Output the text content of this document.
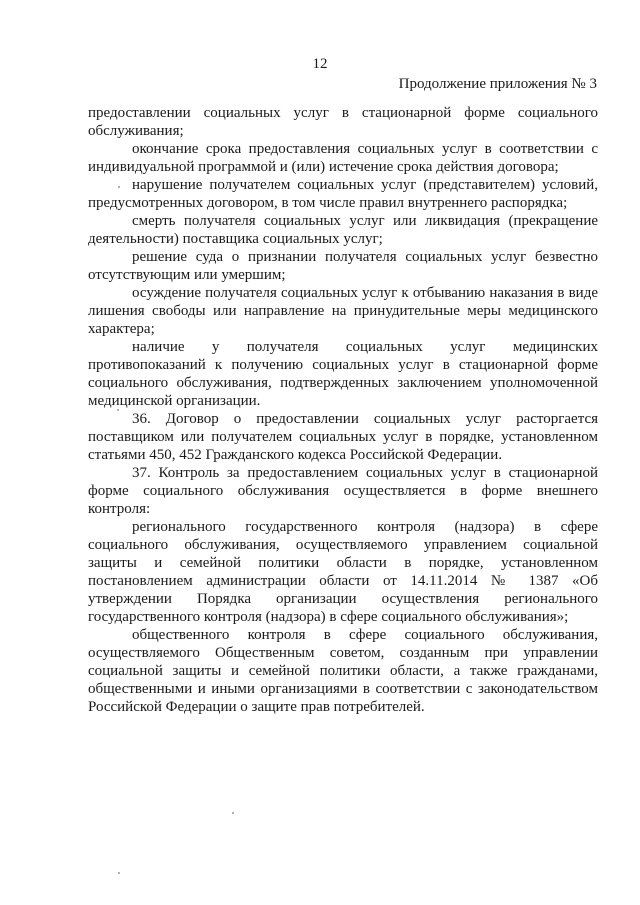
12
Продолжение приложения № 3

предоставлении социальных услуг в стационарной форме социального обслуживания;

окончание срока предоставления социальных услуг в соответствии с индивидуальной программой и (или) истечение срока действия договора;

нарушение получателем социальных услуг (представителем) условий, предусмотренных договором, в том числе правил внутреннего распорядка;

смерть получателя социальных услуг или ликвидация (прекращение деятельности) поставщика социальных услуг;

решение суда о признании получателя социальных услуг безвестно отсутствующим или умершим;

осуждение получателя социальных услуг к отбыванию наказания в виде лишения свободы или направление на принудительные меры медицинского характера;

наличие у получателя социальных услуг медицинских противопоказаний к получению социальных услуг в стационарной форме социального обслуживания, подтвержденных заключением уполномоченной медицинской организации.

36. Договор о предоставлении социальных услуг расторгается поставщиком или получателем социальных услуг в порядке, установленном статьями 450, 452 Гражданского кодекса Российской Федерации.

37. Контроль за предоставлением социальных услуг в стационарной форме социального обслуживания осуществляется в форме внешнего контроля:

регионального государственного контроля (надзора) в сфере социального обслуживания, осуществляемого управлением социальной защиты и семейной политики области в порядке, установленном постановлением администрации области от 14.11.2014 № 1387 «Об утверждении Порядка организации осуществления регионального государственного контроля (надзора) в сфере социального обслуживания»;

общественного контроля в сфере социального обслуживания, осуществляемого Общественным советом, созданным при управлении социальной защиты и семейной политики области, а также гражданами, общественными и иными организациями в соответствии с законодательством Российской Федерации о защите прав потребителей.
